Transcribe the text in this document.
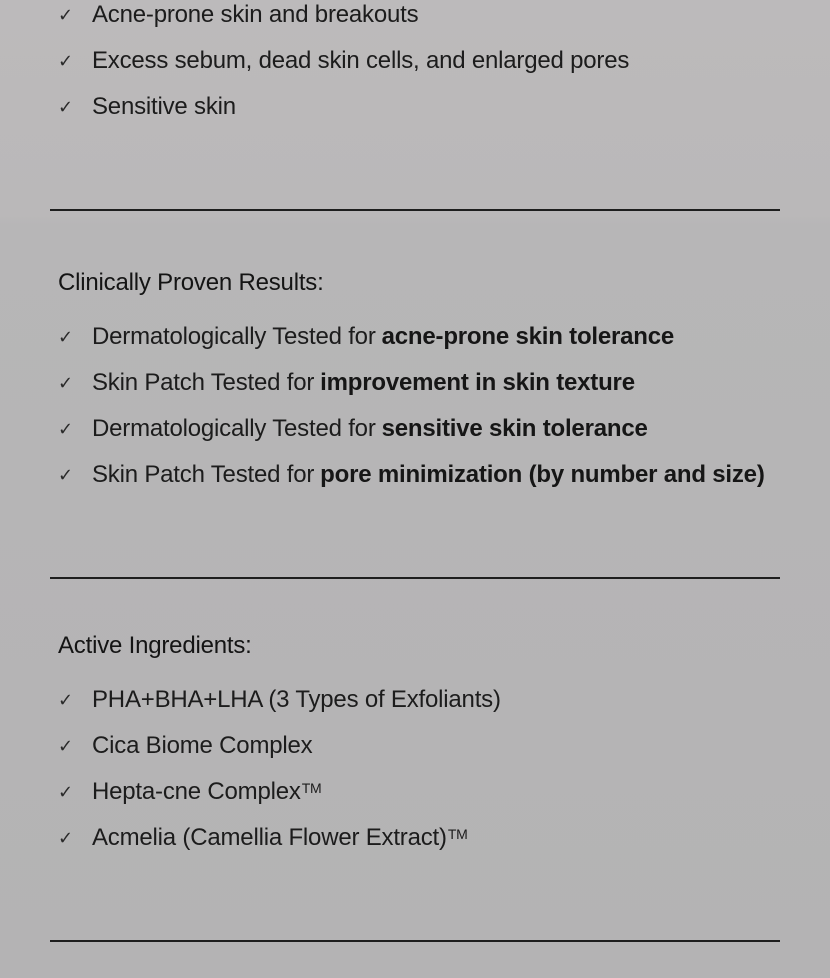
✓ Acne-prone skin and breakouts
✓ Excess sebum, dead skin cells, and enlarged pores
✓ Sensitive skin
Clinically Proven Results:
✓ Dermatologically Tested for acne-prone skin tolerance
✓ Skin Patch Tested for improvement in skin texture
✓ Dermatologically Tested for sensitive skin tolerance
✓ Skin Patch Tested for pore minimization (by number and size)
Active Ingredients:
✓ PHA+BHA+LHA (3 Types of Exfoliants)
✓ Cica Biome Complex
✓ Hepta-cne Complex TM
✓ Acmelia (Camellia Flower Extract) TM
